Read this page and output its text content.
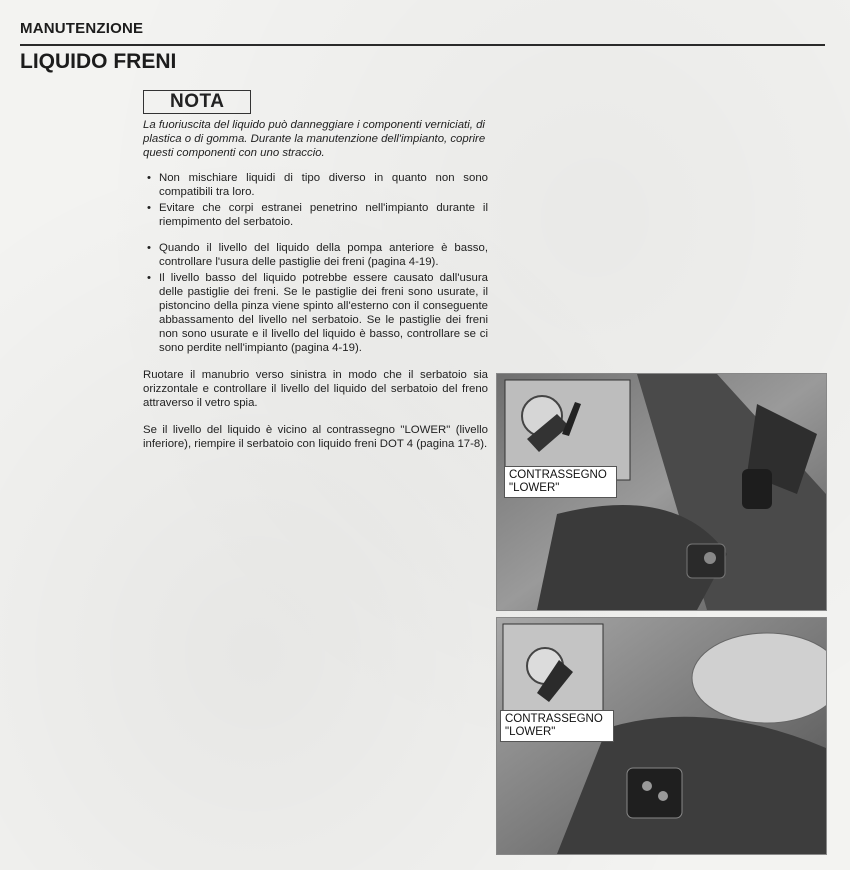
MANUTENZIONE
LIQUIDO FRENI
NOTA

La fuoriuscita del liquido può danneggiare i componenti verniciati, di plastica o di gomma. Durante la manutenzione dell'impianto, coprire questi componenti con uno straccio.

• Non mischiare liquidi di tipo diverso in quanto non sono compatibili tra loro.
• Evitare che corpi estranei penetrino nell'impianto durante il riempimento del serbatoio.
• Quando il livello del liquido della pompa anteriore è basso, controllare l'usura delle pastiglie dei freni (pagina 4-19).
• Il livello basso del liquido potrebbe essere causato dall'usura delle pastiglie dei freni. Se le pastiglie dei freni sono usurate, il pistoncino della pinza viene spinto all'esterno con il conseguente abbassamento del livello nel serbatoio. Se le pastiglie dei freni non sono usurate e il livello del liquido è basso, controllare se ci sono perdite nell'impianto (pagina 4-19).

Ruotare il manubrio verso sinistra in modo che il serbatoio sia orizzontale e controllare il livello del liquido del serbatoio del freno attraverso il vetro spia.

Se il livello del liquido è vicino al contrassegno "LOWER" (livello inferiore), riempire il serbatoio con liquido freni DOT 4 (pagina 17-8).

CONTRASSEGNO
"LOWER"
CONTRASSEGNO
"LOWER"
